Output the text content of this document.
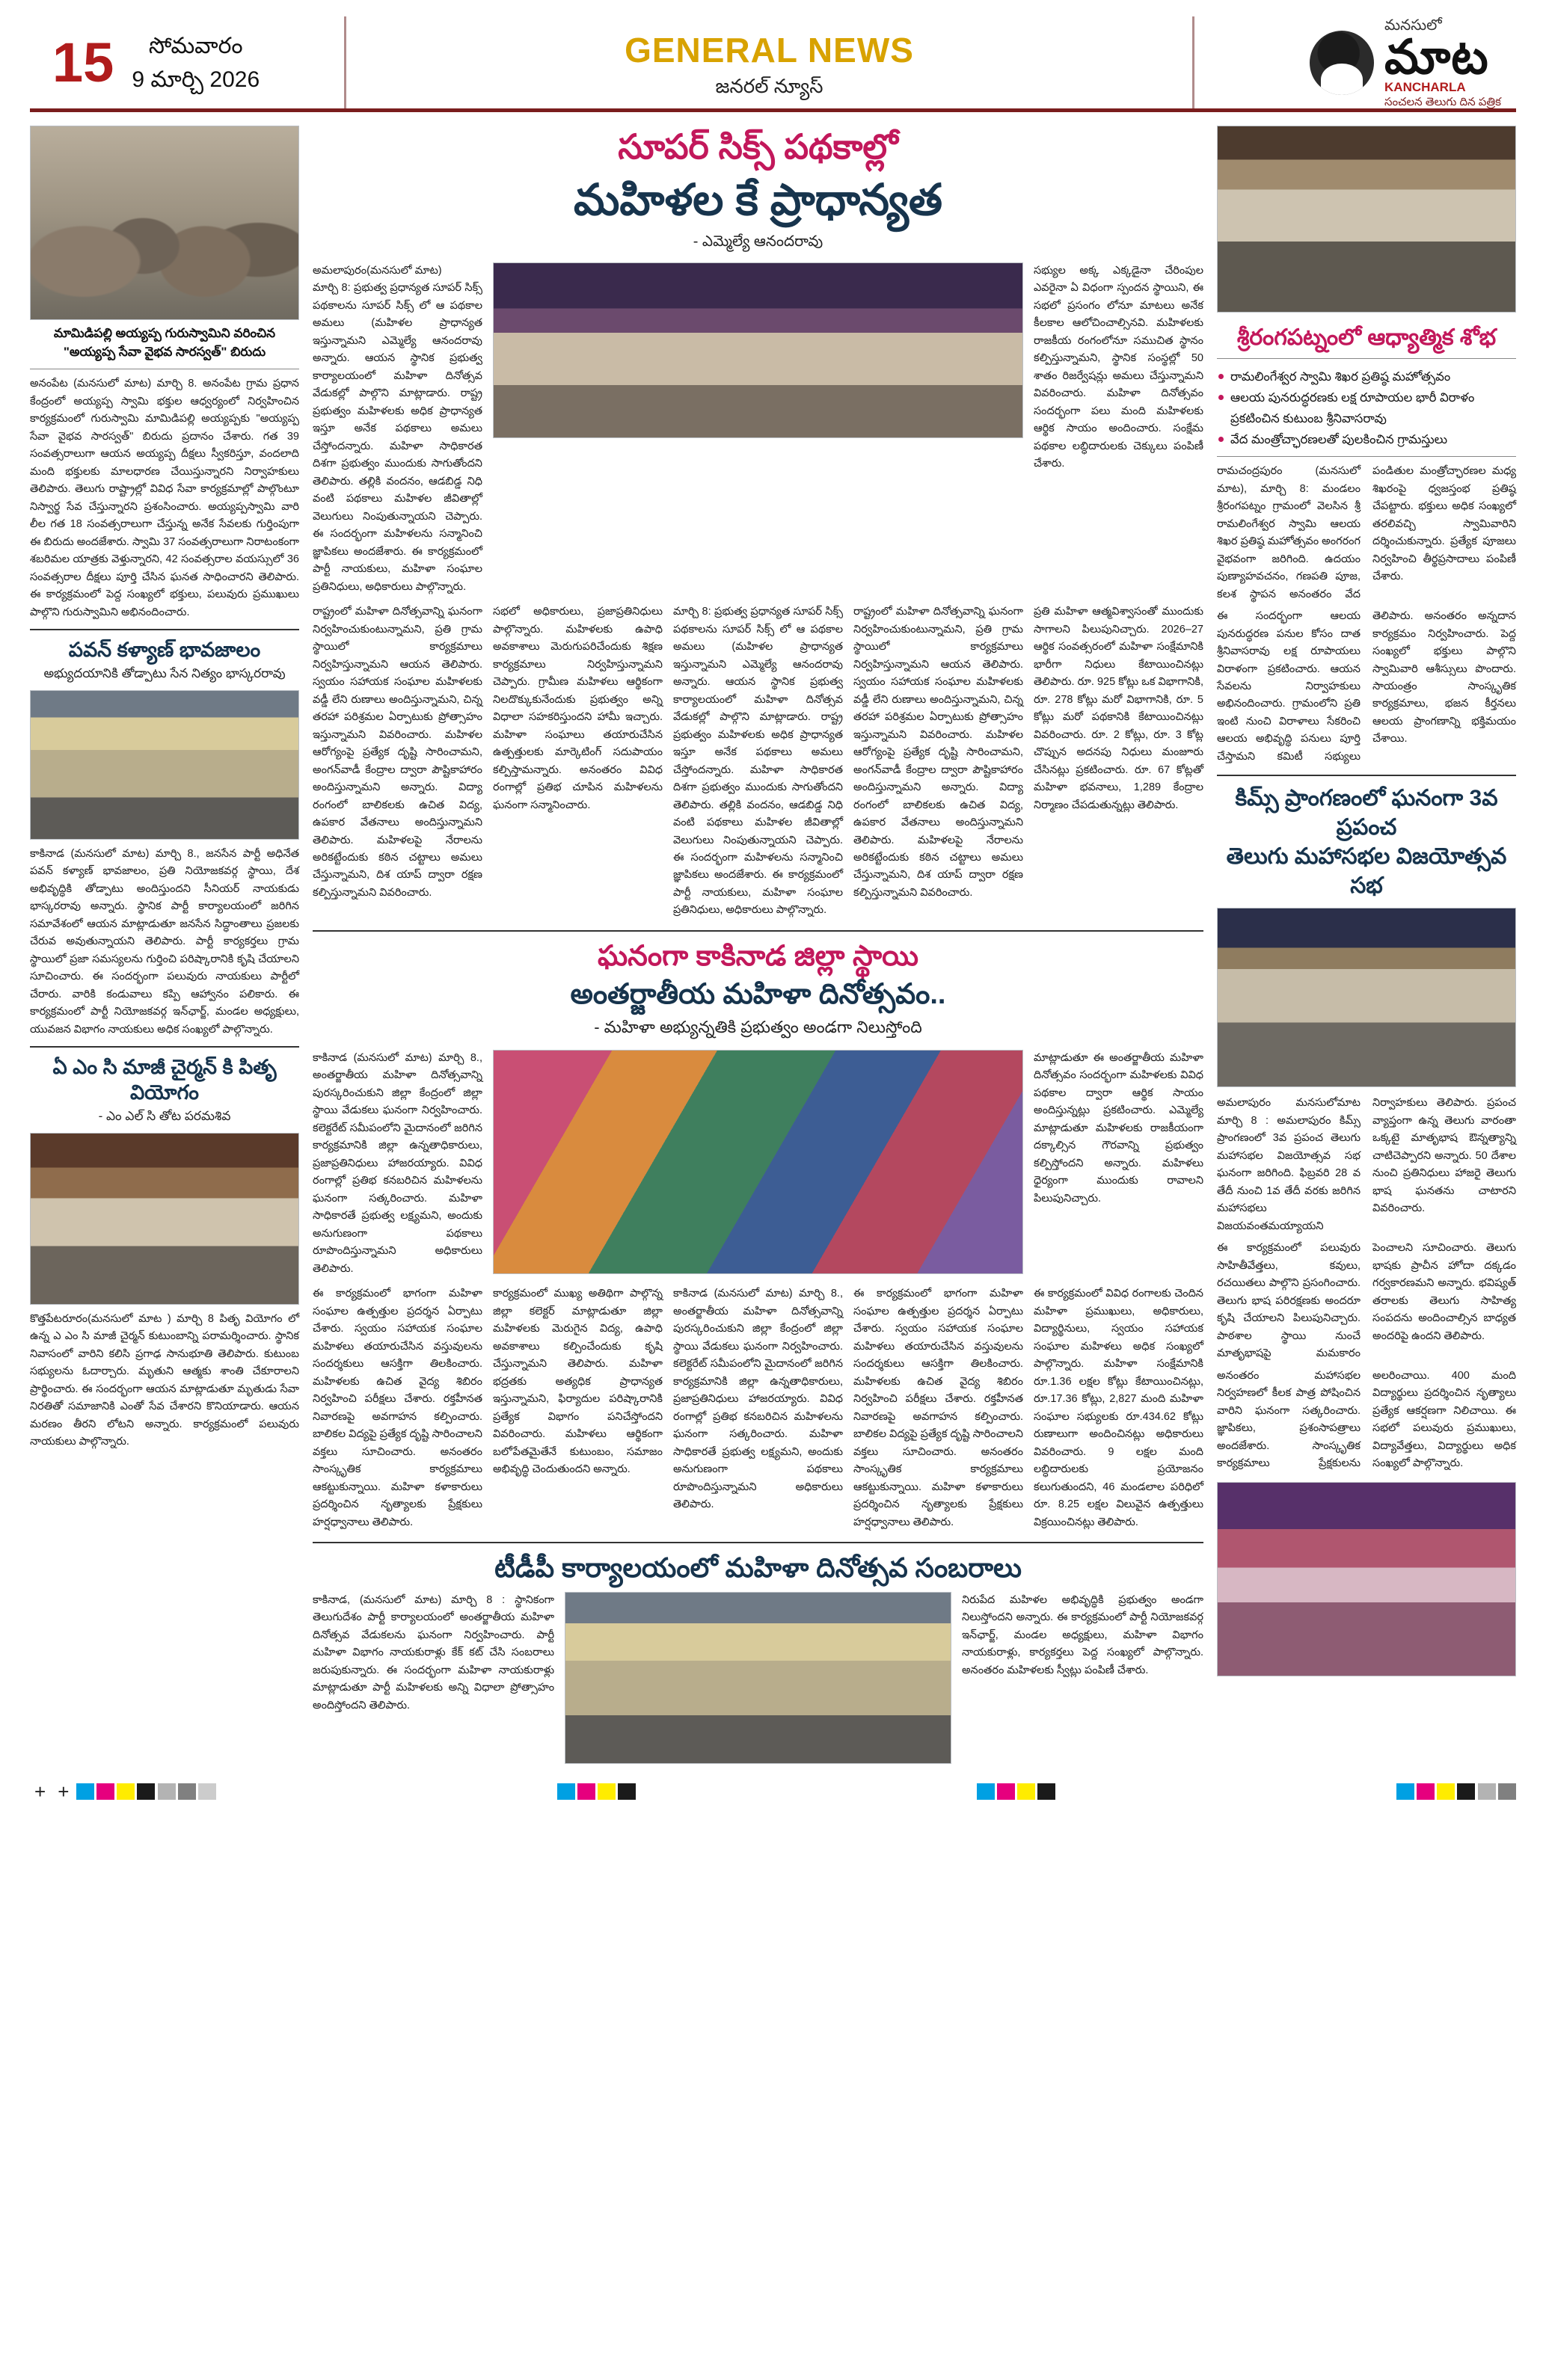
15	సోమవారం
9 మార్చి 2026
GENERAL NEWS
జనరల్ న్యూస్
మనసులో
మాట
KANCHARLA
సంచలన తెలుగు దిన పత్రిక
మామిడిపల్లి అయ్యప్ప గురుస్వామిని వరించిన "అయ్యప్ప సేవా వైభవ సారస్వత్" బిరుదు
అనంపేట (మనసులో మాట) మార్చి 8. అనంపేట గ్రామ ప్రధాన కేంద్రంలో అయ్యప్ప స్వామి భక్తుల ఆధ్వర్యంలో నిర్వహించిన కార్యక్రమంలో గురుస్వామి మామిడిపల్లి అయ్యప్పకు "అయ్యప్ప సేవా వైభవ సారస్వత్" బిరుదు ప్రదానం చేశారు. గత 39 సంవత్సరాలుగా ఆయన అయ్యప్ప దీక్షలు స్వీకరిస్తూ, వందలాది మంది భక్తులకు మాలధారణ చేయిస్తున్నారని నిర్వాహకులు తెలిపారు. తెలుగు రాష్ట్రాల్లో వివిధ సేవా కార్యక్రమాల్లో పాల్గొంటూ నిస్వార్థ సేవ చేస్తున్నారని ప్రశంసించారు. అయ్యప్పస్వామి వారి లీల గత 18 సంవత్సరాలుగా చేస్తున్న అనేక సేవలకు గుర్తింపుగా ఈ బిరుదు అందజేశారు. స్వామి 37 సంవత్సరాలుగా నిరాటంకంగా శబరిమల యాత్రకు వెళ్తున్నారని, 42 సంవత్సరాల వయస్సులో 36 సంవత్సరాల దీక్షలు పూర్తి చేసిన ఘనత సాధించారని తెలిపారు. ఈ కార్యక్రమంలో పెద్ద సంఖ్యలో భక్తులు, పలువురు ప్రముఖులు పాల్గొని గురుస్వామిని అభినందించారు.
పవన్ కళ్యాణ్ భావజాలం
అభ్యుదయానికి తోడ్పాటు సేన నిత్యం భాస్కరరావు
కాకినాడ (మనసులో మాట) మార్చి 8., జనసేన పార్టీ అధినేత పవన్ కళ్యాణ్ భావజాలం, ప్రతి నియోజకవర్గ స్థాయి, దేశ అభివృద్ధికి తోడ్పాటు అందిస్తుందని సీనియర్ నాయకుడు భాస్కరరావు అన్నారు. స్థానిక పార్టీ కార్యాలయంలో జరిగిన సమావేశంలో ఆయన మాట్లాడుతూ జనసేన సిద్ధాంతాలు ప్రజలకు చేరువ అవుతున్నాయని తెలిపారు. పార్టీ కార్యకర్తలు గ్రామ స్థాయిలో ప్రజా సమస్యలను గుర్తించి పరిష్కారానికి కృషి చేయాలని సూచించారు. ఈ సందర్భంగా పలువురు నాయకులు పార్టీలో చేరారు. వారికి కండువాలు కప్పి ఆహ్వానం పలికారు. ఈ కార్యక్రమంలో పార్టీ నియోజకవర్గ ఇన్‌ఛార్జ్, మండల అధ్యక్షులు, యువజన విభాగం నాయకులు అధిక సంఖ్యలో పాల్గొన్నారు.
ఏ ఎం సి మాజీ చైర్మన్ కి పితృ వియోగం
- ఎం ఎల్ సి తోట పరమశివ
కొత్తపేటరూరం(మనసులో మాట ) మార్చి 8 పితృ వియోగం లో ఉన్న ఎ ఎం సి మాజీ చైర్మన్ కుటుంబాన్ని పరామర్శించారు. స్థానిక నివాసంలో వారిని కలిసి ప్రగాఢ సానుభూతి తెలిపారు. కుటుంబ సభ్యులను ఓదార్చారు. మృతుని ఆత్మకు శాంతి చేకూరాలని ప్రార్థించారు. ఈ సందర్భంగా ఆయన మాట్లాడుతూ మృతుడు సేవా నిరతితో సమాజానికి ఎంతో సేవ చేశారని కొనియాడారు. ఆయన మరణం తీరని లోటని అన్నారు. కార్యక్రమంలో పలువురు నాయకులు పాల్గొన్నారు.
సూపర్ సిక్స్ పథకాల్లో
మహిళల కే ప్రాధాన్యత
- ఎమ్మెల్యే ఆనందరావు
అమలాపురం(మనసులో మాట)
మార్చి 8: ప్రభుత్వ ప్రధాన్యత సూపర్ సిక్స్ పథకాలను సూపర్ సిక్స్ లో ఆ పథకాల అమలు (మహిళల ప్రాధాన్యత ఇస్తున్నామని ఎమ్మెల్యే ఆనందరావు అన్నారు. ఆయన స్థానిక ప్రభుత్వ కార్యాలయంలో మహిళా దినోత్సవ వేడుకల్లో పాల్గొని మాట్లాడారు. రాష్ట్ర ప్రభుత్వం మహిళలకు అధిక ప్రాధాన్యత ఇస్తూ అనేక పథకాలు అమలు చేస్తోందన్నారు. మహిళా సాధికారత దిశగా ప్రభుత్వం ముందుకు సాగుతోందని తెలిపారు. తల్లికి వందనం, ఆడబిడ్డ నిధి వంటి పథకాలు మహిళల జీవితాల్లో వెలుగులు నింపుతున్నాయని చెప్పారు. ఈ సందర్భంగా మహిళలను సన్మానించి జ్ఞాపికలు అందజేశారు. ఈ కార్యక్రమంలో పార్టీ నాయకులు, మహిళా సంఘాల ప్రతినిధులు, అధికారులు పాల్గొన్నారు.
సభ్యుల అక్క ఎక్కడైనా చేరింపుల ఎవరైనా ఏ విధంగా స్పందన స్థాయిని, ఈ సభలో ప్రసంగం లోనూ మాటలు అనేక కీలకాల ఆలోచించాల్సినవి. మహిళలకు రాజకీయ రంగంలోనూ సముచిత స్థానం కల్పిస్తున్నామని, స్థానిక సంస్థల్లో 50 శాతం రిజర్వేషన్లు అమలు చేస్తున్నామని వివరించారు. మహిళా దినోత్సవం సందర్భంగా పలు మంది మహిళలకు ఆర్థిక సాయం అందించారు. సంక్షేమ పథకాల లబ్ధిదారులకు చెక్కులు పంపిణీ చేశారు.
రాష్ట్రంలో మహిళా దినోత్సవాన్ని ఘనంగా నిర్వహించుకుంటున్నామని, ప్రతి గ్రామ స్థాయిలో కార్యక్రమాలు నిర్వహిస్తున్నామని ఆయన తెలిపారు. స్వయం సహాయక సంఘాల మహిళలకు వడ్డీ లేని రుణాలు అందిస్తున్నామని, చిన్న తరహా పరిశ్రమల ఏర్పాటుకు ప్రోత్సాహం ఇస్తున్నామని వివరించారు. మహిళల ఆరోగ్యంపై ప్రత్యేక దృష్టి సారించామని, అంగన్‌వాడీ కేంద్రాల ద్వారా పౌష్టికాహారం అందిస్తున్నామని అన్నారు. విద్యా రంగంలో బాలికలకు ఉచిత విద్య, ఉపకార వేతనాలు అందిస్తున్నామని తెలిపారు. మహిళలపై నేరాలను అరికట్టేందుకు కఠిన చట్టాలు అమలు చేస్తున్నామని, దిశ యాప్ ద్వారా రక్షణ కల్పిస్తున్నామని వివరించారు.
సభలో అధికారులు, ప్రజాప్రతినిధులు పాల్గొన్నారు. మహిళలకు ఉపాధి అవకాశాలు మెరుగుపరిచేందుకు శిక్షణ కార్యక్రమాలు నిర్వహిస్తున్నామని చెప్పారు. గ్రామీణ మహిళలు ఆర్థికంగా నిలదొక్కుకునేందుకు ప్రభుత్వం అన్ని విధాలా సహకరిస్తుందని హామీ ఇచ్చారు. మహిళా సంఘాలు తయారుచేసిన ఉత్పత్తులకు మార్కెటింగ్ సదుపాయం కల్పిస్తామన్నారు. అనంతరం వివిధ రంగాల్లో ప్రతిభ చూపిన మహిళలను ఘనంగా సన్మానించారు.
మార్చి 8: ప్రభుత్వ ప్రధాన్యత సూపర్ సిక్స్ పథకాలను సూపర్ సిక్స్ లో ఆ పథకాల అమలు (మహిళల ప్రాధాన్యత ఇస్తున్నామని ఎమ్మెల్యే ఆనందరావు అన్నారు. ఆయన స్థానిక ప్రభుత్వ కార్యాలయంలో మహిళా దినోత్సవ వేడుకల్లో పాల్గొని మాట్లాడారు. రాష్ట్ర ప్రభుత్వం మహిళలకు అధిక ప్రాధాన్యత ఇస్తూ అనేక పథకాలు అమలు చేస్తోందన్నారు. మహిళా సాధికారత దిశగా ప్రభుత్వం ముందుకు సాగుతోందని తెలిపారు. తల్లికి వందనం, ఆడబిడ్డ నిధి వంటి పథకాలు మహిళల జీవితాల్లో వెలుగులు నింపుతున్నాయని చెప్పారు. ఈ సందర్భంగా మహిళలను సన్మానించి జ్ఞాపికలు అందజేశారు. ఈ కార్యక్రమంలో పార్టీ నాయకులు, మహిళా సంఘాల ప్రతినిధులు, అధికారులు పాల్గొన్నారు.
రాష్ట్రంలో మహిళా దినోత్సవాన్ని ఘనంగా నిర్వహించుకుంటున్నామని, ప్రతి గ్రామ స్థాయిలో కార్యక్రమాలు నిర్వహిస్తున్నామని ఆయన తెలిపారు. స్వయం సహాయక సంఘాల మహిళలకు వడ్డీ లేని రుణాలు అందిస్తున్నామని, చిన్న తరహా పరిశ్రమల ఏర్పాటుకు ప్రోత్సాహం ఇస్తున్నామని వివరించారు. మహిళల ఆరోగ్యంపై ప్రత్యేక దృష్టి సారించామని, అంగన్‌వాడీ కేంద్రాల ద్వారా పౌష్టికాహారం అందిస్తున్నామని అన్నారు. విద్యా రంగంలో బాలికలకు ఉచిత విద్య, ఉపకార వేతనాలు అందిస్తున్నామని తెలిపారు. మహిళలపై నేరాలను అరికట్టేందుకు కఠిన చట్టాలు అమలు చేస్తున్నామని, దిశ యాప్ ద్వారా రక్షణ కల్పిస్తున్నామని వివరించారు.
ప్రతి మహిళా ఆత్మవిశ్వాసంతో ముందుకు సాగాలని పిలుపునిచ్చారు. 2026–27 ఆర్థిక సంవత్సరంలో మహిళా సంక్షేమానికి భారీగా నిధులు కేటాయించినట్లు తెలిపారు. రూ. 925 కోట్లు ఒక విభాగానికి, రూ. 278 కోట్లు మరో విభాగానికి, రూ. 5 కోట్లు మరో పథకానికి కేటాయించినట్లు వివరించారు. రూ. 2 కోట్లు, రూ. 3 కోట్ల చొప్పున అదనపు నిధులు మంజూరు చేసినట్లు ప్రకటించారు. రూ. 67 కోట్లతో మహిళా భవనాలు, 1,289 కేంద్రాల నిర్మాణం చేపడుతున్నట్లు తెలిపారు.
ఘనంగా కాకినాడ జిల్లా స్థాయి
అంతర్జాతీయ మహిళా దినోత్సవం..
- మహిళా అభ్యున్నతికి ప్రభుత్వం అండగా నిలుస్తోంది
కాకినాడ (మనసులో మాట) మార్చి 8., అంతర్జాతీయ మహిళా దినోత్సవాన్ని పురస్కరించుకుని జిల్లా కేంద్రంలో జిల్లా స్థాయి వేడుకలు ఘనంగా నిర్వహించారు. కలెక్టరేట్ సమీపంలోని మైదానంలో జరిగిన కార్యక్రమానికి జిల్లా ఉన్నతాధికారులు, ప్రజాప్రతినిధులు హాజరయ్యారు. వివిధ రంగాల్లో ప్రతిభ కనబరిచిన మహిళలను ఘనంగా సత్కరించారు. మహిళా సాధికారతే ప్రభుత్వ లక్ష్యమని, అందుకు అనుగుణంగా పథకాలు రూపొందిస్తున్నామని అధికారులు తెలిపారు.
మాట్లాడుతూ ఈ అంతర్జాతీయ మహిళా దినోత్సవం సందర్భంగా మహిళలకు వివిధ పథకాల ద్వారా ఆర్థిక సాయం అందిస్తున్నట్లు ప్రకటించారు. ఎమ్మెల్యే మాట్లాడుతూ మహిళలకు రాజకీయంగా దక్కాల్సిన గౌరవాన్ని ప్రభుత్వం కల్పిస్తోందని అన్నారు. మహిళలు ధైర్యంగా ముందుకు రావాలని పిలుపునిచ్చారు.
ఈ కార్యక్రమంలో భాగంగా మహిళా సంఘాల ఉత్పత్తుల ప్రదర్శన ఏర్పాటు చేశారు. స్వయం సహాయక సంఘాల మహిళలు తయారుచేసిన వస్తువులను సందర్శకులు ఆసక్తిగా తిలకించారు. మహిళలకు ఉచిత వైద్య శిబిరం నిర్వహించి పరీక్షలు చేశారు. రక్తహీనత నివారణపై అవగాహన కల్పించారు. బాలికల విద్యపై ప్రత్యేక దృష్టి సారించాలని వక్తలు సూచించారు. అనంతరం సాంస్కృతిక కార్యక్రమాలు ఆకట్టుకున్నాయి. మహిళా కళాకారులు ప్రదర్శించిన నృత్యాలకు ప్రేక్షకులు హర్షధ్వానాలు తెలిపారు.
కార్యక్రమంలో ముఖ్య అతిథిగా పాల్గొన్న జిల్లా కలెక్టర్ మాట్లాడుతూ జిల్లా మహిళలకు మెరుగైన విద్య, ఉపాధి అవకాశాలు కల్పించేందుకు కృషి చేస్తున్నామని తెలిపారు. మహిళా భద్రతకు అత్యధిక ప్రాధాన్యత ఇస్తున్నామని, ఫిర్యాదుల పరిష్కారానికి ప్రత్యేక విభాగం పనిచేస్తోందని వివరించారు. మహిళలు ఆర్థికంగా బలోపేతమైతేనే కుటుంబం, సమాజం అభివృద్ధి చెందుతుందని అన్నారు.
కాకినాడ (మనసులో మాట) మార్చి 8., అంతర్జాతీయ మహిళా దినోత్సవాన్ని పురస్కరించుకుని జిల్లా కేంద్రంలో జిల్లా స్థాయి వేడుకలు ఘనంగా నిర్వహించారు. కలెక్టరేట్ సమీపంలోని మైదానంలో జరిగిన కార్యక్రమానికి జిల్లా ఉన్నతాధికారులు, ప్రజాప్రతినిధులు హాజరయ్యారు. వివిధ రంగాల్లో ప్రతిభ కనబరిచిన మహిళలను ఘనంగా సత్కరించారు. మహిళా సాధికారతే ప్రభుత్వ లక్ష్యమని, అందుకు అనుగుణంగా పథకాలు రూపొందిస్తున్నామని అధికారులు తెలిపారు.
ఈ కార్యక్రమంలో భాగంగా మహిళా సంఘాల ఉత్పత్తుల ప్రదర్శన ఏర్పాటు చేశారు. స్వయం సహాయక సంఘాల మహిళలు తయారుచేసిన వస్తువులను సందర్శకులు ఆసక్తిగా తిలకించారు. మహిళలకు ఉచిత వైద్య శిబిరం నిర్వహించి పరీక్షలు చేశారు. రక్తహీనత నివారణపై అవగాహన కల్పించారు. బాలికల విద్యపై ప్రత్యేక దృష్టి సారించాలని వక్తలు సూచించారు. అనంతరం సాంస్కృతిక కార్యక్రమాలు ఆకట్టుకున్నాయి. మహిళా కళాకారులు ప్రదర్శించిన నృత్యాలకు ప్రేక్షకులు హర్షధ్వానాలు తెలిపారు.
ఈ కార్యక్రమంలో వివిధ రంగాలకు చెందిన మహిళా ప్రముఖులు, అధికారులు, విద్యార్థినులు, స్వయం సహాయక సంఘాల మహిళలు అధిక సంఖ్యలో పాల్గొన్నారు. మహిళా సంక్షేమానికి రూ.1.36 లక్షల కోట్లు కేటాయించినట్లు, రూ.17.36 కోట్లు, 2,827 మంది మహిళా సంఘాల సభ్యులకు రూ.434.62 కోట్లు రుణాలుగా అందించినట్లు అధికారులు వివరించారు. 9 లక్షల మంది లబ్ధిదారులకు ప్రయోజనం కలుగుతుందని, 46 మండలాల పరిధిలో రూ. 8.25 లక్షల విలువైన ఉత్పత్తులు విక్రయించినట్లు తెలిపారు.
టీడీపీ కార్యాలయంలో మహిళా దినోత్సవ సంబరాలు
కాకినాడ, (మనసులో మాట) మార్చి 8 : స్థానికంగా తెలుగుదేశం పార్టీ కార్యాలయంలో అంతర్జాతీయ మహిళా దినోత్సవ వేడుకలను ఘనంగా నిర్వహించారు. పార్టీ మహిళా విభాగం నాయకురాళ్లు కేక్ కట్ చేసి సంబరాలు జరుపుకున్నారు. ఈ సందర్భంగా మహిళా నాయకురాళ్లు మాట్లాడుతూ పార్టీ మహిళలకు అన్ని విధాలా ప్రోత్సాహం అందిస్తోందని తెలిపారు.
నిరుపేద మహిళల అభివృద్ధికి ప్రభుత్వం అండగా నిలుస్తోందని అన్నారు. ఈ కార్యక్రమంలో పార్టీ నియోజకవర్గ ఇన్‌ఛార్జ్, మండల అధ్యక్షులు, మహిళా విభాగం నాయకురాళ్లు, కార్యకర్తలు పెద్ద సంఖ్యలో పాల్గొన్నారు. అనంతరం మహిళలకు స్వీట్లు పంపిణీ చేశారు.
శ్రీరంగపట్నంలో ఆధ్యాత్మిక శోభ
రామలింగేశ్వర స్వామి శిఖర ప్రతిష్ఠ మహోత్సవం
ఆలయ పునరుద్ధరణకు లక్ష రూపాయల భారీ విరాళం ప్రకటించిన కుటుంబ శ్రీనివాసరావు
వేద మంత్రోచ్ఛారణలతో పులకించిన గ్రామస్తులు
రామచంద్రపురం (మనసులో మాట), మార్చి 8: మండలం శ్రీరంగపట్నం గ్రామంలో వెలసిన శ్రీ రామలింగేశ్వర స్వామి ఆలయ శిఖర ప్రతిష్ఠ మహోత్సవం అంగరంగ వైభవంగా జరిగింది. ఉదయం పుణ్యాహవచనం, గణపతి పూజ, కలశ స్థాపన అనంతరం వేద పండితుల మంత్రోచ్ఛారణల మధ్య శిఖరంపై ధ్వజస్తంభ ప్రతిష్ఠ చేపట్టారు. భక్తులు అధిక సంఖ్యలో తరలివచ్చి స్వామివారిని దర్శించుకున్నారు. ప్రత్యేక పూజలు నిర్వహించి తీర్థప్రసాదాలు పంపిణీ చేశారు.
ఈ సందర్భంగా ఆలయ పునరుద్ధరణ పనుల కోసం దాత శ్రీనివాసరావు లక్ష రూపాయలు విరాళంగా ప్రకటించారు. ఆయన సేవలను నిర్వాహకులు అభినందించారు. గ్రామంలోని ప్రతి ఇంటి నుంచి విరాళాలు సేకరించి ఆలయ అభివృద్ధి పనులు పూర్తి చేస్తామని కమిటీ సభ్యులు తెలిపారు. అనంతరం అన్నదాన కార్యక్రమం నిర్వహించారు. పెద్ద సంఖ్యలో భక్తులు పాల్గొని స్వామివారి ఆశీస్సులు పొందారు. సాయంత్రం సాంస్కృతిక కార్యక్రమాలు, భజన కీర్తనలు ఆలయ ప్రాంగణాన్ని భక్తిమయం చేశాయి.
కిమ్స్ ప్రాంగణంలో ఘనంగా 3వ ప్రపంచ
తెలుగు మహాసభల విజయోత్సవ సభ
అమలాపురం మనసులోమాట మార్చి 8 : అమలాపురం కిమ్స్ ప్రాంగణంలో 3వ ప్రపంచ తెలుగు మహాసభల విజయోత్సవ సభ ఘనంగా జరిగింది. ఫిబ్రవరి 28 వ తేదీ నుంచి 1వ తేదీ వరకు జరిగిన మహాసభలు విజయవంతమయ్యాయని నిర్వాహకులు తెలిపారు. ప్రపంచ వ్యాప్తంగా ఉన్న తెలుగు వారంతా ఒక్కటై మాతృభాష ఔన్నత్యాన్ని చాటిచెప్పారని అన్నారు. 50 దేశాల నుంచి ప్రతినిధులు హాజరై తెలుగు భాష ఘనతను చాటారని వివరించారు.
ఈ కార్యక్రమంలో పలువురు సాహితీవేత్తలు, కవులు, రచయితలు పాల్గొని ప్రసంగించారు. తెలుగు భాష పరిరక్షణకు అందరూ కృషి చేయాలని పిలుపునిచ్చారు. పాఠశాల స్థాయి నుంచే మాతృభాషపై మమకారం పెంచాలని సూచించారు. తెలుగు భాషకు ప్రాచీన హోదా దక్కడం గర్వకారణమని అన్నారు. భవిష్యత్ తరాలకు తెలుగు సాహిత్య సంపదను అందించాల్సిన బాధ్యత అందరిపై ఉందని తెలిపారు.
అనంతరం మహాసభల నిర్వహణలో కీలక పాత్ర పోషించిన వారిని ఘనంగా సత్కరించారు. జ్ఞాపికలు, ప్రశంసాపత్రాలు అందజేశారు. సాంస్కృతిక కార్యక్రమాలు ప్రేక్షకులను అలరించాయి. 400 మంది విద్యార్థులు ప్రదర్శించిన నృత్యాలు ప్రత్యేక ఆకర్షణగా నిలిచాయి. ఈ సభలో పలువురు ప్రముఖులు, విద్యావేత్తలు, విద్యార్థులు అధిక సంఖ్యలో పాల్గొన్నారు.
+ +
